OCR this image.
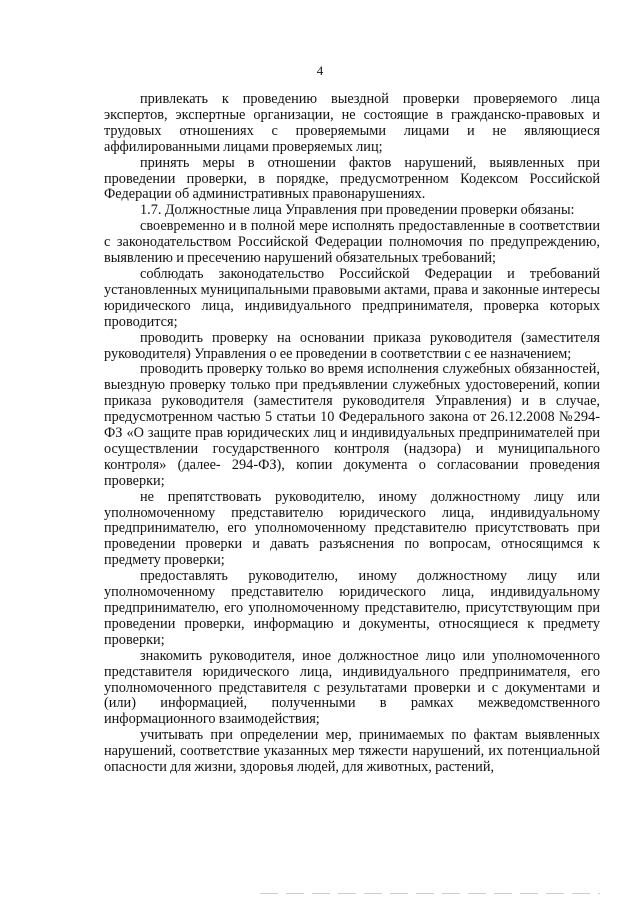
4

привлекать к проведению выездной проверки проверяемого лица экспертов, экспертные организации, не состоящие в гражданско-правовых и трудовых отношениях с проверяемыми лицами и не являющиеся аффилированными лицами проверяемых лиц;

принять меры в отношении фактов нарушений, выявленных при проведении проверки, в порядке, предусмотренном Кодексом Российской Федерации об административных правонарушениях.

1.7. Должностные лица Управления при проведении проверки обязаны:

своевременно и в полной мере исполнять предоставленные в соответствии с законодательством Российской Федерации полномочия по предупреждению, выявлению и пресечению нарушений обязательных требований;

соблюдать законодательство Российской Федерации и требований установленных муниципальными правовыми актами, права и законные интересы юридического лица, индивидуального предпринимателя, проверка которых проводится;

проводить проверку на основании приказа руководителя (заместителя руководителя) Управления о ее проведении в соответствии с ее назначением;

проводить проверку только во время исполнения служебных обязанностей, выездную проверку только при предъявлении служебных удостоверений, копии приказа руководителя (заместителя руководителя Управления) и в случае, предусмотренном частью 5 статьи 10 Федерального закона от 26.12.2008 №294-ФЗ «О защите прав юридических лиц и индивидуальных предпринимателей при осуществлении государственного контроля (надзора) и муниципального контроля» (далее- 294-ФЗ), копии документа о согласовании проведения проверки;

не препятствовать руководителю, иному должностному лицу или уполномоченному представителю юридического лица, индивидуальному предпринимателю, его уполномоченному представителю присутствовать при проведении проверки и давать разъяснения по вопросам, относящимся к предмету проверки;

предоставлять руководителю, иному должностному лицу или уполномоченному представителю юридического лица, индивидуальному предпринимателю, его уполномоченному представителю, присутствующим при проведении проверки, информацию и документы, относящиеся к предмету проверки;

знакомить руководителя, иное должностное лицо или уполномоченного представителя юридического лица, индивидуального предпринимателя, его уполномоченного представителя с результатами проверки и с документами и (или) информацией, полученными в рамках межведомственного информационного взаимодействия;

учитывать при определении мер, принимаемых по фактам выявленных нарушений, соответствие указанных мер тяжести нарушений, их потенциальной опасности для жизни, здоровья людей, для животных, растений,
